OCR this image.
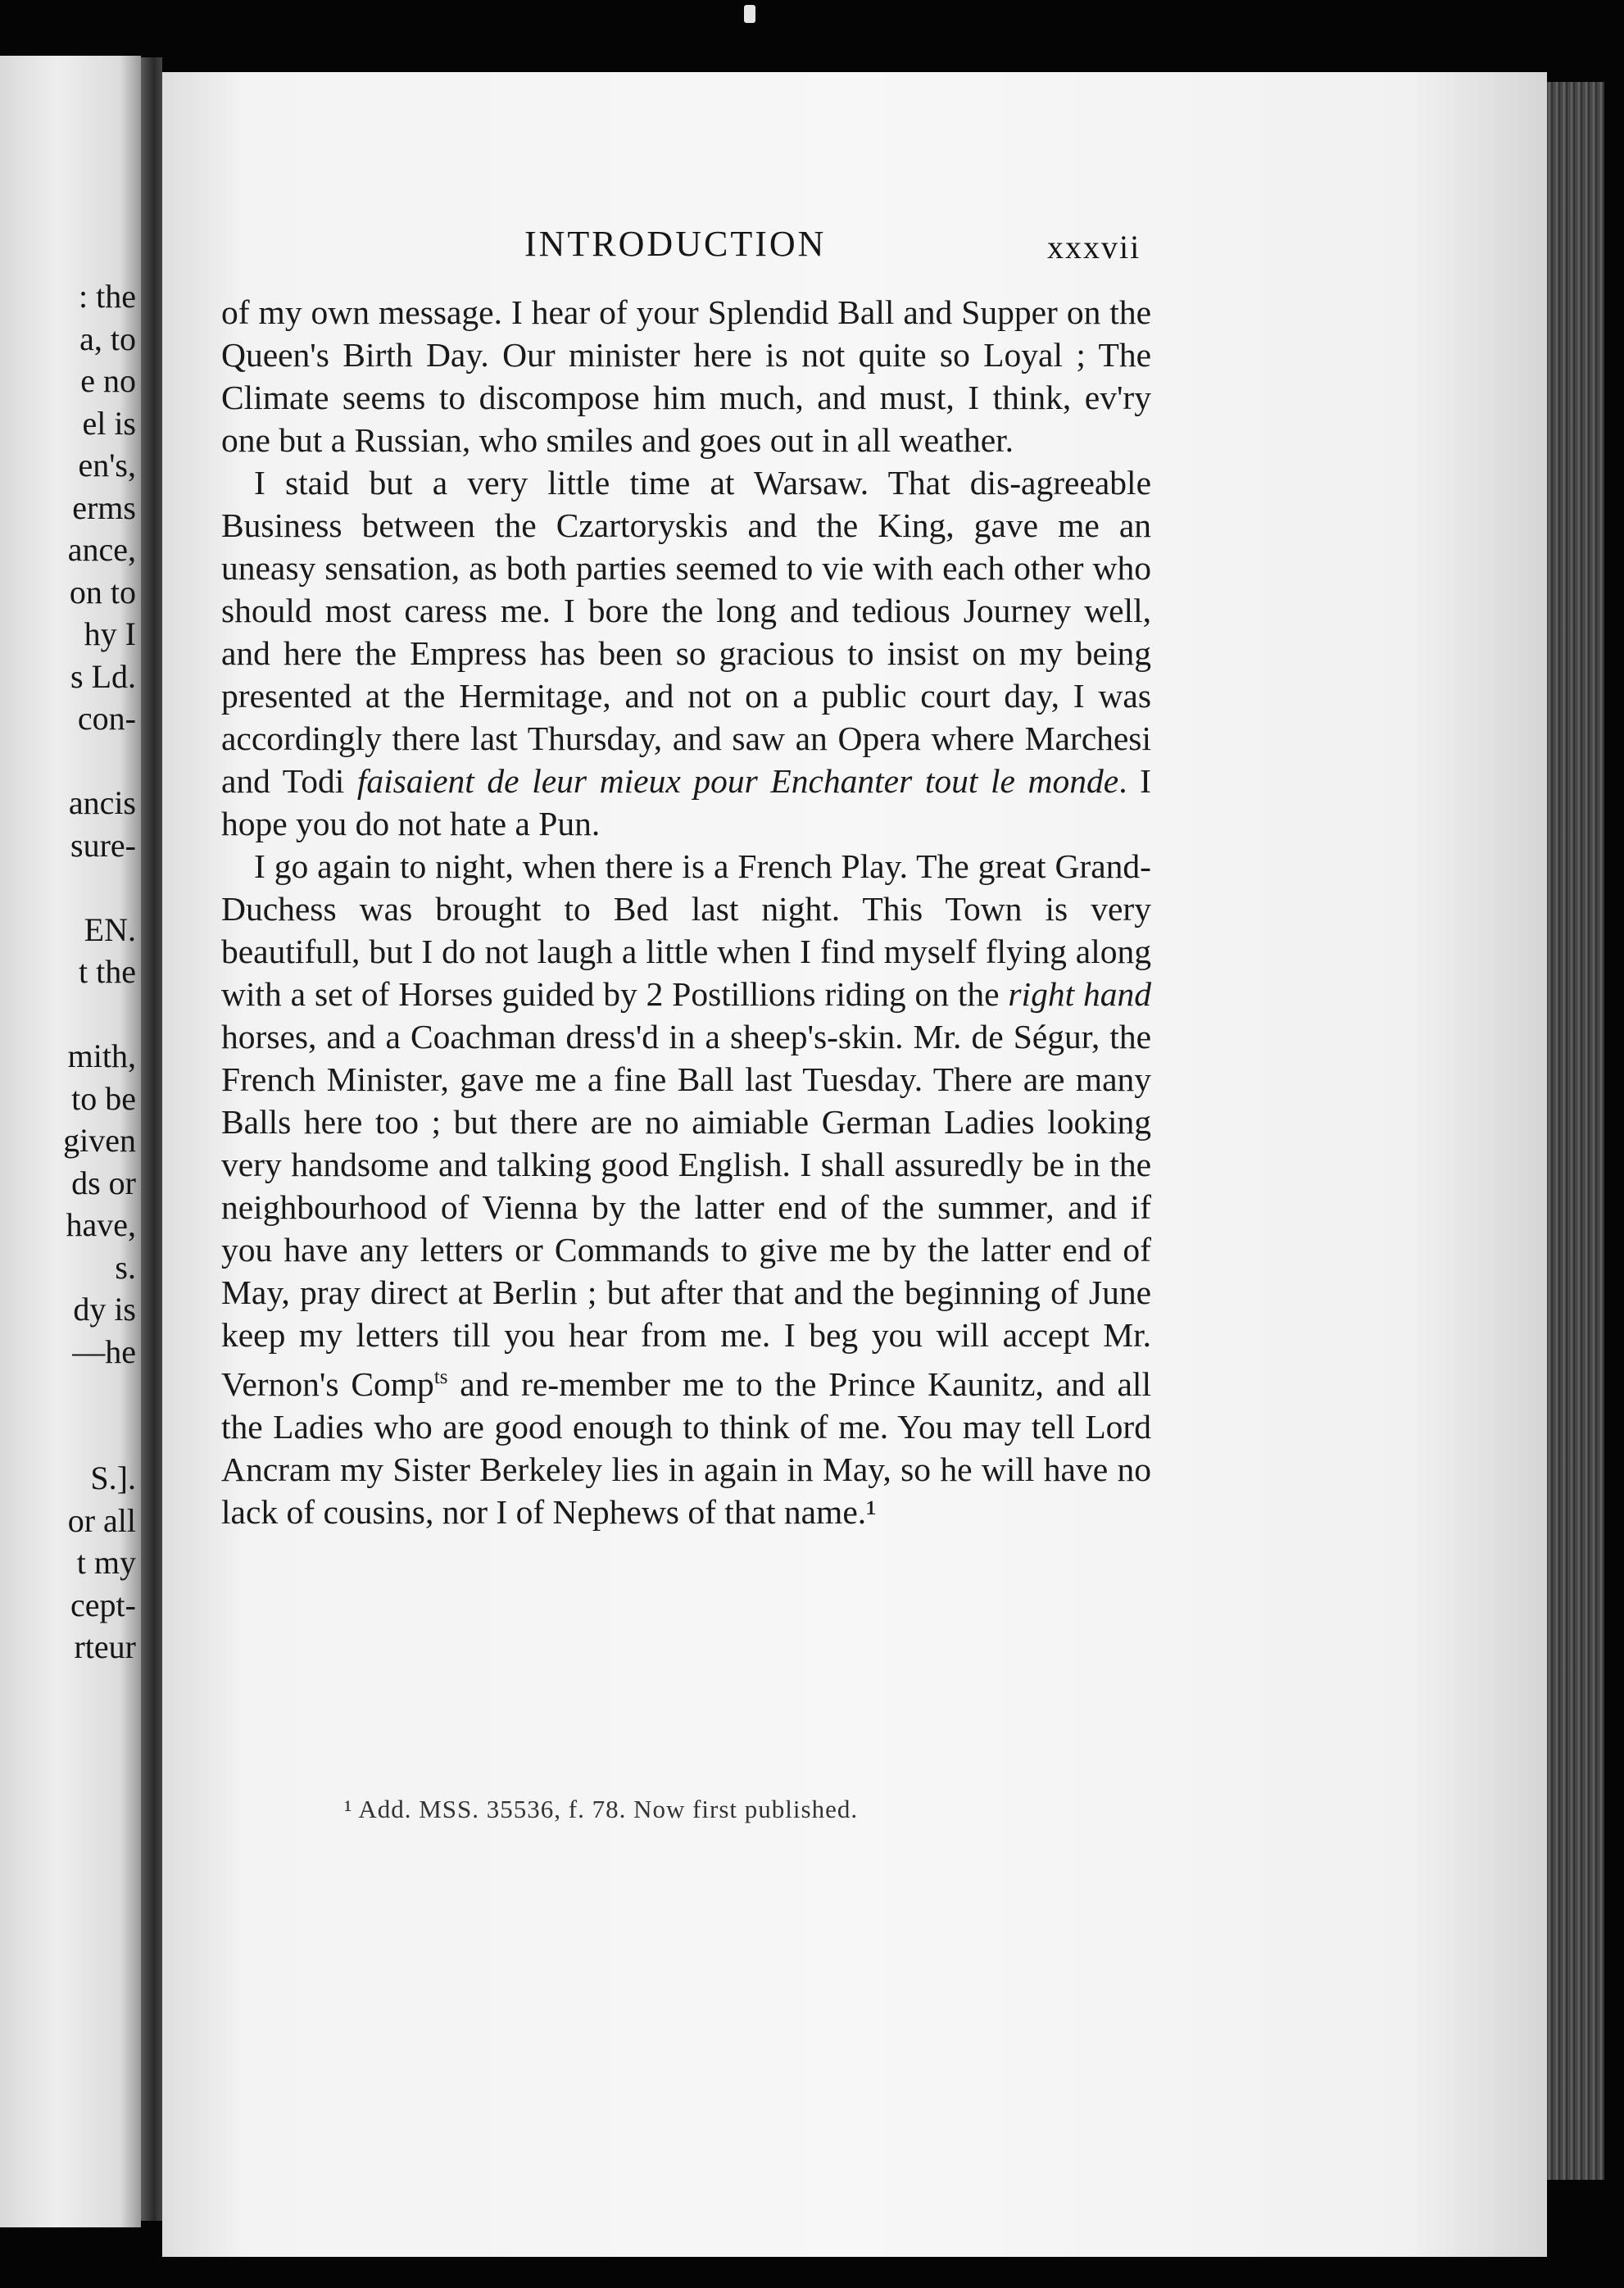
: the
a, to
e no
el is
en's,
erms
ance,
on to
hy I
s Ld.
con-
ancis
sure-
EN.
t the
mith,
to be
given
ds or
have,
s.
dy is
—he
S.].
or all
t my
cept-
rteur
INTRODUCTION	xxxvii

of my own message. I hear of your Splendid Ball and Supper on the Queen's Birth Day. Our minister here is not quite so Loyal ; The Climate seems to discompose him much, and must, I think, ev'ry one but a Russian, who smiles and goes out in all weather.

I staid but a very little time at Warsaw. That dis-agreeable Business between the Czartoryskis and the King, gave me an uneasy sensation, as both parties seemed to vie with each other who should most caress me. I bore the long and tedious Journey well, and here the Empress has been so gracious to insist on my being presented at the Hermitage, and not on a public court day, I was accordingly there last Thursday, and saw an Opera where Marchesi and Todi faisaient de leur mieux pour Enchanter tout le monde. I hope you do not hate a Pun.

I go again to night, when there is a French Play. The great Grand-Duchess was brought to Bed last night. This Town is very beautifull, but I do not laugh a little when I find myself flying along with a set of Horses guided by 2 Postillions riding on the right hand horses, and a Coachman dress'd in a sheep's-skin. Mr. de Ségur, the French Minister, gave me a fine Ball last Tuesday. There are many Balls here too ; but there are no aimiable German Ladies looking very handsome and talking good English. I shall assuredly be in the neighbourhood of Vienna by the latter end of the summer, and if you have any letters or Commands to give me by the latter end of May, pray direct at Berlin ; but after that and the beginning of June keep my letters till you hear from me. I beg you will accept Mr. Vernon's Comp$^{ts}$ and re-member me to the Prince Kaunitz, and all the Ladies who are good enough to think of me. You may tell Lord Ancram my Sister Berkeley lies in again in May, so he will have no lack of cousins, nor I of Nephews of that name.¹

¹ Add. MSS. 35536, f. 78. Now first published.
